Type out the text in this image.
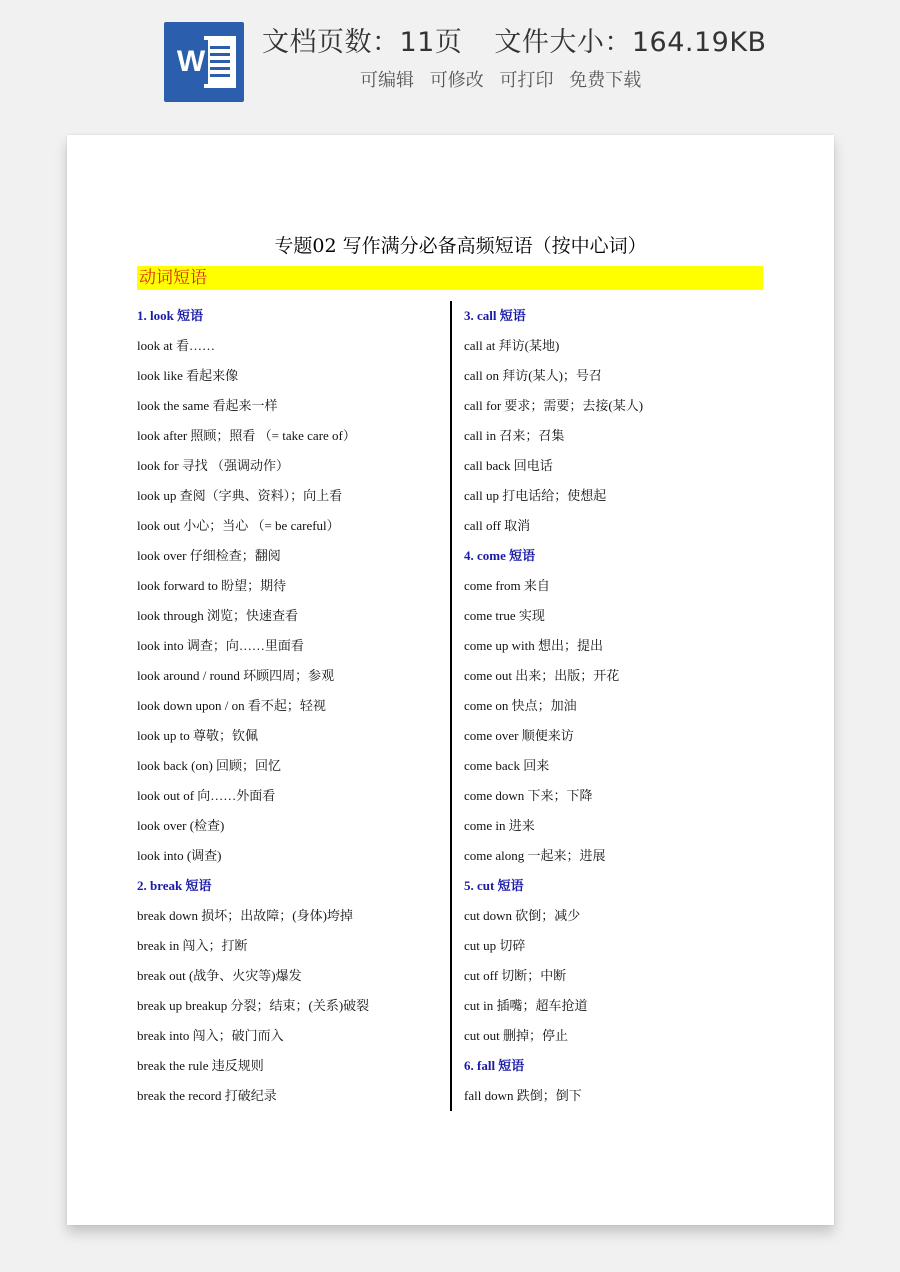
W
文档页数：11页 文件大小：164.19KB
可编辑 可修改 可打印 免费下载
专题02 写作满分必备高频短语（按中心词）
动词短语
1. look 短语
look at 看……
look like 看起来像
look the same 看起来一样
look after 照顾；照看 （= take care of）
look for 寻找 （强调动作）
look up 查阅（字典、资料）；向上看
look out 小心；当心 （= be careful）
look over 仔细检查；翻阅
look forward to 盼望；期待
look through 浏览；快速查看
look into 调查；向……里面看
look around / round 环顾四周；参观
look down upon / on 看不起；轻视
look up to 尊敬；钦佩
look back (on) 回顾；回忆
look out of 向……外面看
look over (检查)
look into (调查)
2. break 短语
break down 损坏；出故障；(身体)垮掉
break in 闯入；打断
break out (战争、火灾等)爆发
break up breakup 分裂；结束；(关系)破裂
break into 闯入；破门而入
break the rule 违反规则
break the record 打破纪录
3. call 短语
call at 拜访(某地)
call on 拜访(某人)；号召
call for 要求；需要；去接(某人)
call in 召来；召集
call back 回电话
call up 打电话给；使想起
call off 取消
4. come 短语
come from 来自
come true 实现
come up with 想出；提出
come out 出来；出版；开花
come on 快点；加油
come over 顺便来访
come back 回来
come down 下来；下降
come in 进来
come along 一起来；进展
5. cut 短语
cut down 砍倒；减少
cut up 切碎
cut off 切断；中断
cut in 插嘴；超车抢道
cut out 删掉；停止
6. fall 短语
fall down 跌倒；倒下
